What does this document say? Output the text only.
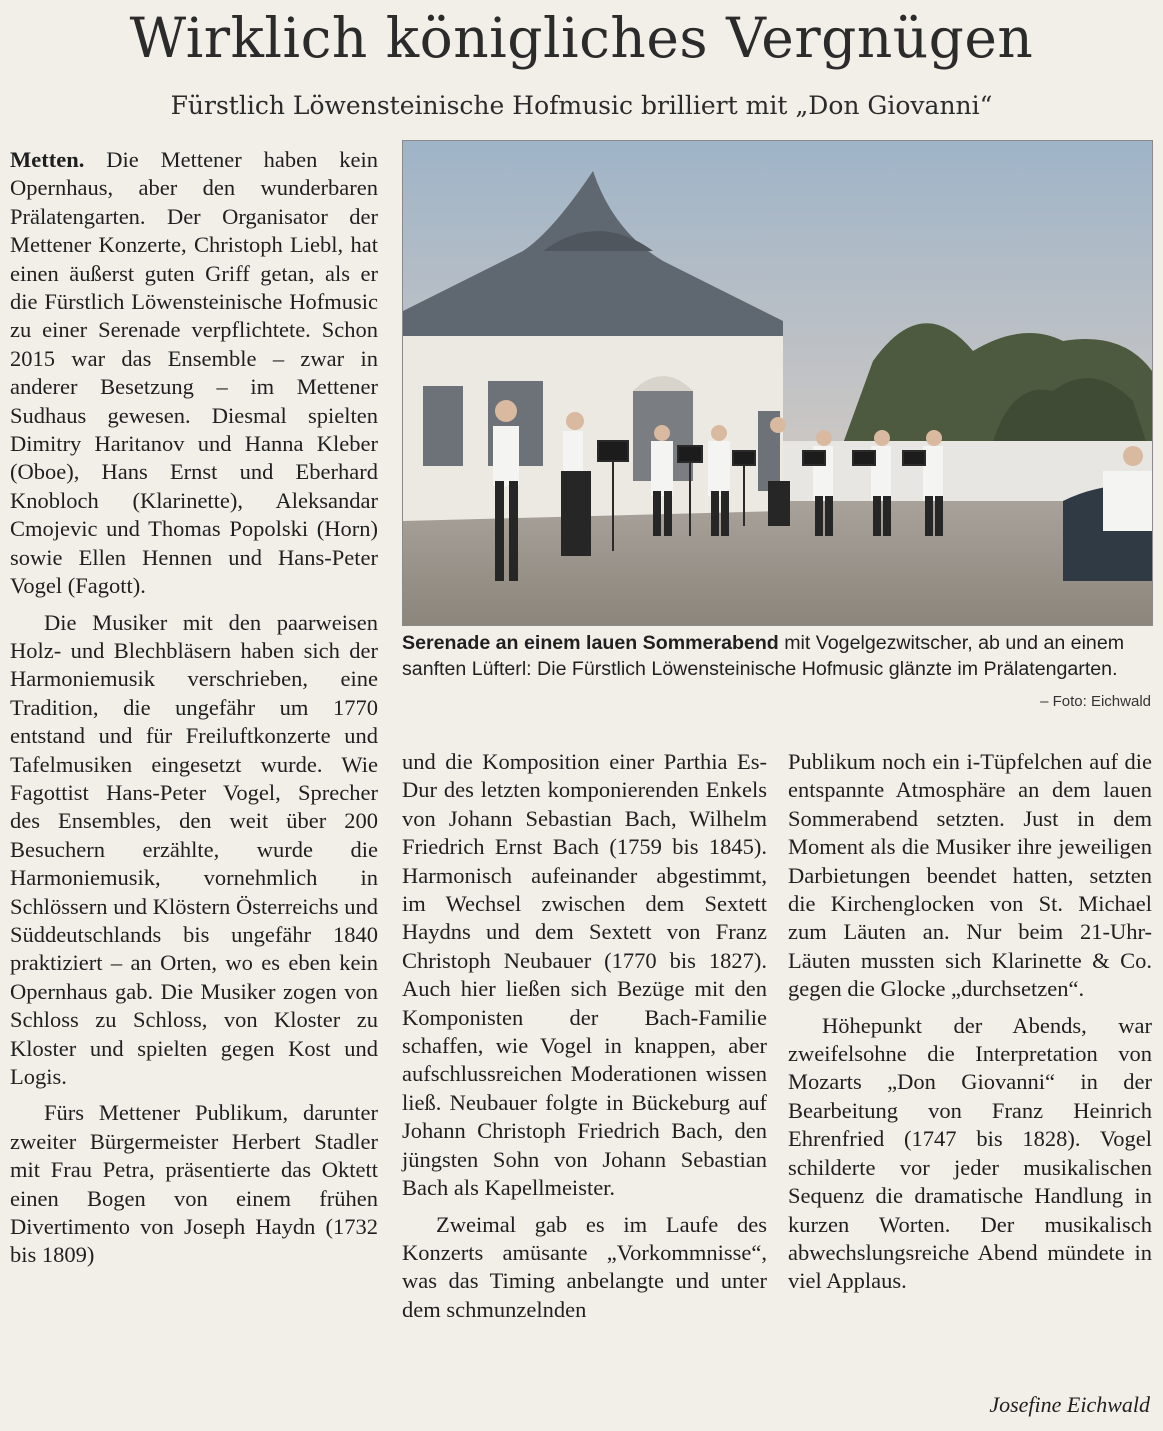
Wirklich königliches Vergnügen
Fürstlich Löwensteinische Hofmusic brilliert mit „Don Giovanni“

Metten. Die Mettener haben kein Opernhaus, aber den wunderbaren Prälatengarten. Der Organisator der Mettener Konzerte, Christoph Liebl, hat einen äußerst guten Griff getan, als er die Fürstlich Löwensteinische Hofmusic zu einer Serenade verpflichtete. Schon 2015 war das Ensemble – zwar in anderer Besetzung – im Mettener Sudhaus gewesen. Diesmal spielten Dimitry Haritanov und Hanna Kleber (Oboe), Hans Ernst und Eberhard Knobloch (Klarinette), Aleksandar Cmojevic und Thomas Popolski (Horn) sowie Ellen Hennen und Hans-Peter Vogel (Fagott).

Die Musiker mit den paarweisen Holz- und Blechbläsern haben sich der Harmoniemusik verschrieben, eine Tradition, die ungefähr um 1770 entstand und für Freiluftkonzerte und Tafelmusiken eingesetzt wurde. Wie Fagottist Hans-Peter Vogel, Sprecher des Ensembles, den weit über 200 Besuchern erzählte, wurde die Harmoniemusik, vornehmlich in Schlössern und Klöstern Österreichs und Süddeutschlands bis ungefähr 1840 praktiziert – an Orten, wo es eben kein Opernhaus gab. Die Musiker zogen von Schloss zu Schloss, von Kloster zu Kloster und spielten gegen Kost und Logis.

Fürs Mettener Publikum, darunter zweiter Bürgermeister Herbert Stadler mit Frau Petra, präsentierte das Oktett einen Bogen von einem frühen Divertimento von Joseph Haydn (1732 bis 1809)

Serenade an einem lauen Sommerabend mit Vogelgezwitscher, ab und an einem sanften Lüfterl: Die Fürstlich Löwensteinische Hofmusic glänzte im Prälatengarten.
– Foto: Eichwald

und die Komposition einer Parthia Es-Dur des letzten komponierenden Enkels von Johann Sebastian Bach, Wilhelm Friedrich Ernst Bach (1759 bis 1845). Harmonisch aufeinander abgestimmt, im Wechsel zwischen dem Sextett Haydns und dem Sextett von Franz Christoph Neubauer (1770 bis 1827). Auch hier ließen sich Bezüge mit den Komponisten der Bach-Familie schaffen, wie Vogel in knappen, aber aufschlussreichen Moderationen wissen ließ. Neubauer folgte in Bückeburg auf Johann Christoph Friedrich Bach, den jüngsten Sohn von Johann Sebastian Bach als Kapellmeister.

Zweimal gab es im Laufe des Konzerts amüsante „Vorkommnisse“, was das Timing anbelangte und unter dem schmunzelnden

Publikum noch ein i-Tüpfelchen auf die entspannte Atmosphäre an dem lauen Sommerabend setzten. Just in dem Moment als die Musiker ihre jeweiligen Darbietungen beendet hatten, setzten die Kirchenglocken von St. Michael zum Läuten an. Nur beim 21-Uhr-Läuten mussten sich Klarinette & Co. gegen die Glocke „durchsetzen“.

Höhepunkt der Abends, war zweifelsohne die Interpretation von Mozarts „Don Giovanni“ in der Bearbeitung von Franz Heinrich Ehrenfried (1747 bis 1828). Vogel schilderte vor jeder musikalischen Sequenz die dramatische Handlung in kurzen Worten. Der musikalisch abwechslungsreiche Abend mündete in viel Applaus.

Josefine Eichwald
